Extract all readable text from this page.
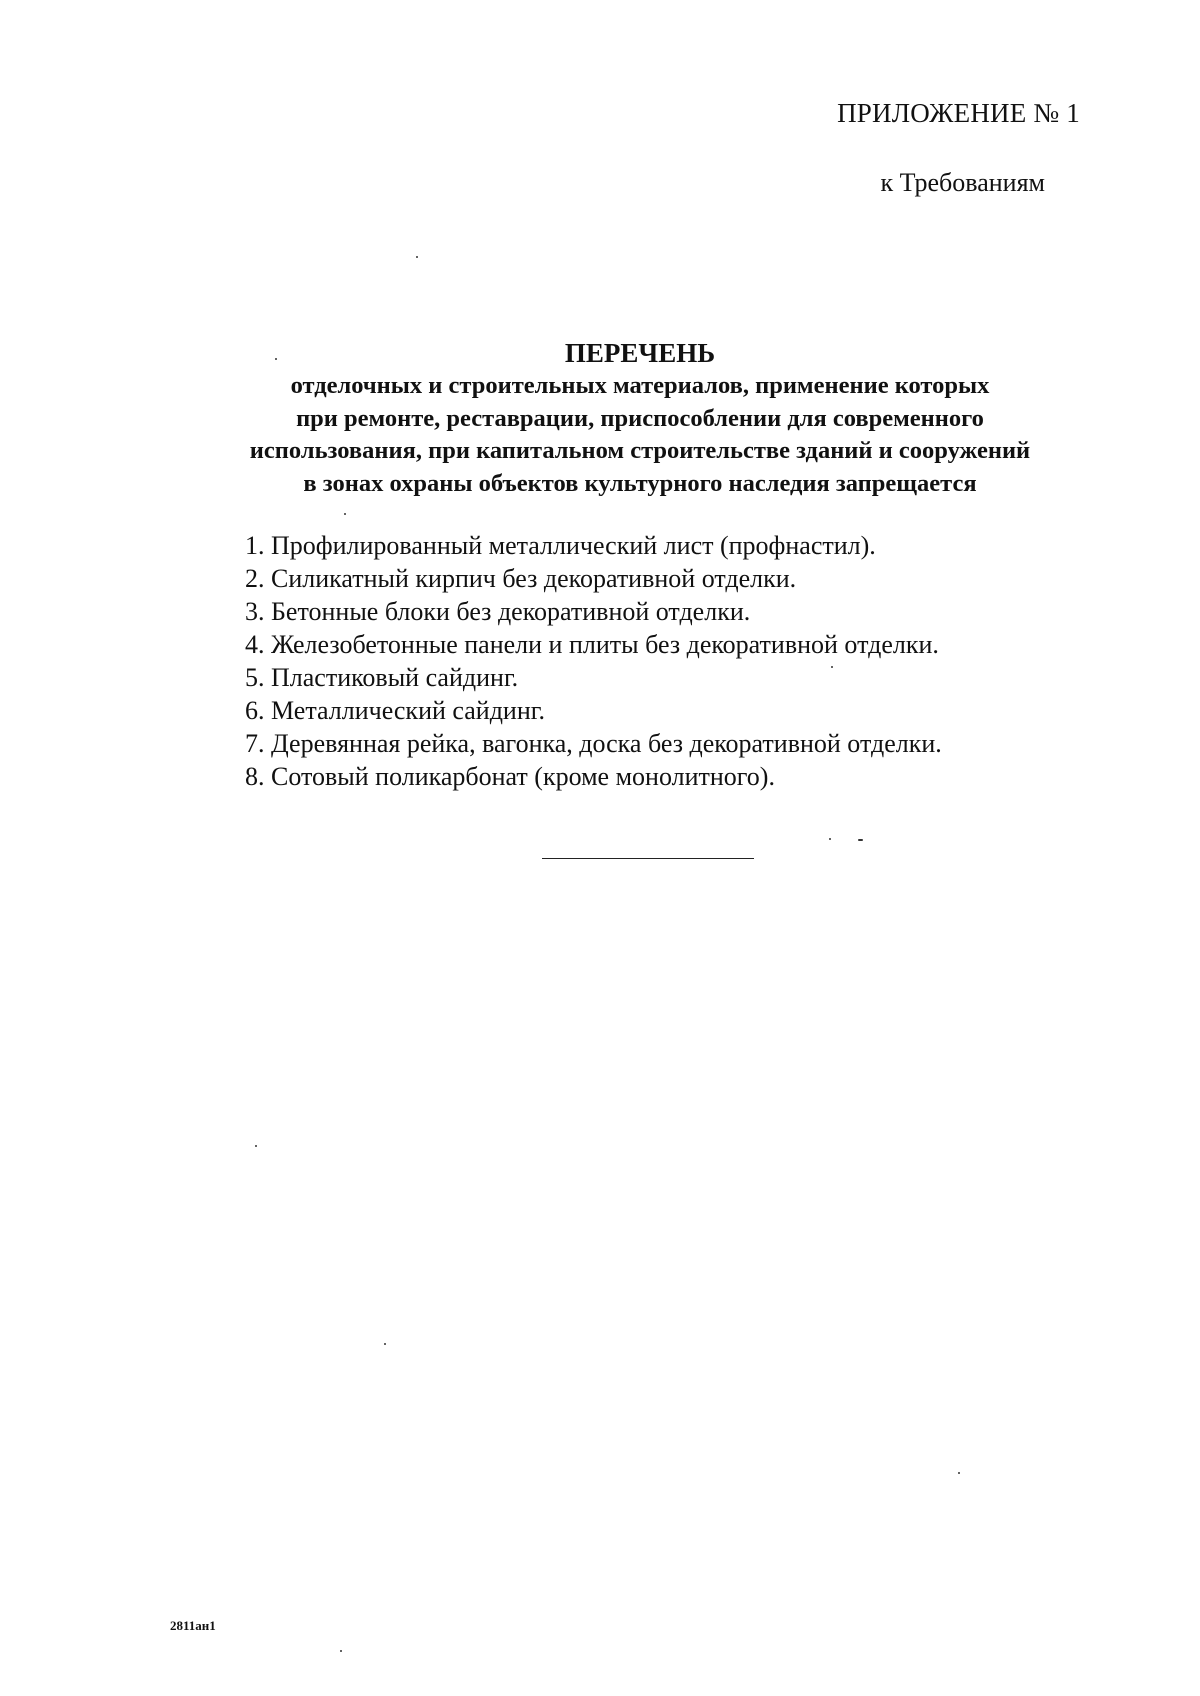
ПРИЛОЖЕНИЕ № 1
к Требованиям
ПЕРЕЧЕНЬ
отделочных и строительных материалов, применение которых
при ремонте, реставрации, приспособлении для современного
использования, при капитальном строительстве зданий и сооружений
в зонах охраны объектов культурного наследия запрещается
1. Профилированный металлический лист (профнастил).
2. Силикатный кирпич без декоративной отделки.
3. Бетонные блоки без декоративной отделки.
4. Железобетонные панели и плиты без декоративной отделки.
5. Пластиковый сайдинг.
6. Металлический сайдинг.
7. Деревянная рейка, вагонка, доска без декоративной отделки.
8. Сотовый поликарбонат (кроме монолитного).
2811ан1
